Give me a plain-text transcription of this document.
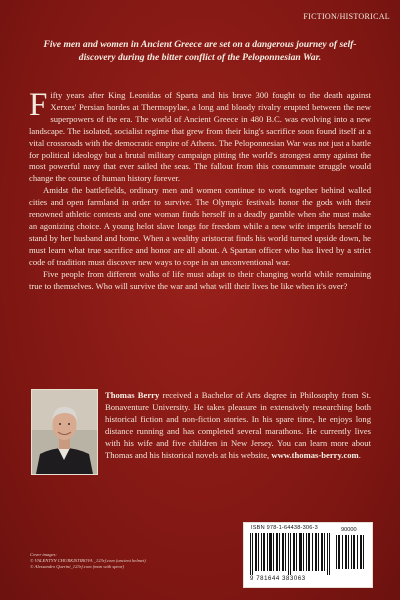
FICTION/HISTORICAL
Five men and women in Ancient Greece are set on a dangerous journey of self-discovery during the bitter conflict of the Peloponnesian War.

Fifty years after King Leonidas of Sparta and his brave 300 fought to the death against Xerxes' Persian hordes at Thermopylae, a long and bloody rivalry erupted between the new superpowers of the era. The world of Ancient Greece in 480 B.C. was evolving into a new landscape. The isolated, socialist regime that grew from their king's sacrifice soon found itself at a vital crossroads with the democratic empire of Athens. The Peloponnesian War was not just a battle for political ideology but a brutal military campaign pitting the world's strongest army against the most powerful navy that ever sailed the seas. The fallout from this consummate struggle would change the course of human history forever.

Amidst the battlefields, ordinary men and women continue to work together behind walled cities and open farmland in order to survive. The Olympic festivals honor the gods with their renowned athletic contests and one woman finds herself in a deadly gamble when she must make an agonizing choice. A young helot slave longs for freedom while a new wife imperils herself to stand by her husband and home. When a wealthy aristocrat finds his world turned upside down, he must learn what true sacrifice and honor are all about. A Spartan officer who has lived by a strict code of tradition must discover new ways to cope in an unconventional war.

Five people from different walks of life must adapt to their changing world while remaining true to themselves. Who will survive the war and what will their lives be like when it's over?

Thomas Berry received a Bachelor of Arts degree in Philosophy from St. Bonaventure University. He takes pleasure in extensively researching both historical fiction and non-fiction stories. In his spare time, he enjoys long distance running and has completed several marathons. He currently lives with his wife and five children in New Jersey. You can learn more about Thomas and his historical novels at his website, www.thomas-berry.com.
Cover images:
© VALENTYN CHURKISTIBOVA _123rf.com (ancient helmet)
© Alessandro Querini_123rf.com (man with spear)
ISBN 978-1-64438-306-3	90000
9 781644 383063
